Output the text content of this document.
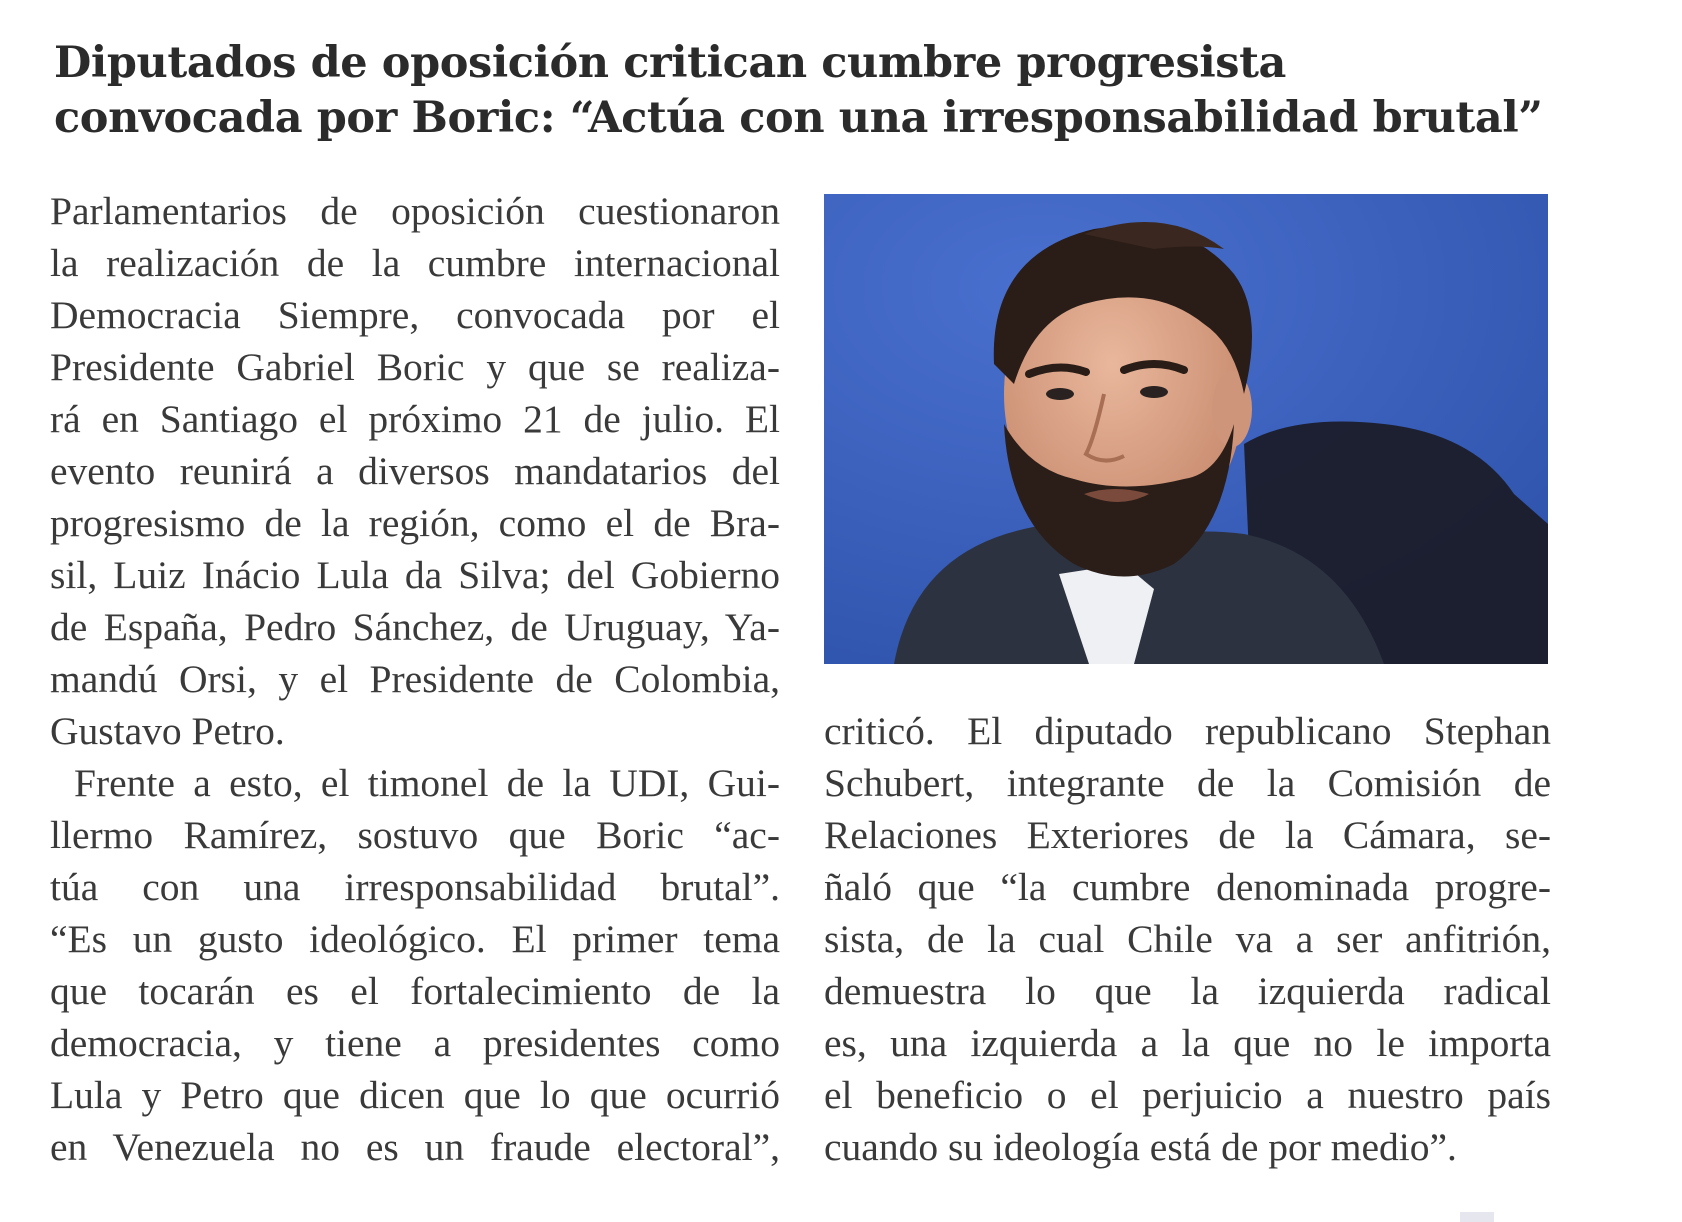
Diputados de oposición critican cumbre progresista
convocada por Boric: “Actúa con una irresponsabilidad brutal”
Parlamentarios de oposición cuestionaron
la realización de la cumbre internacional
Democracia Siempre, convocada por el
Presidente Gabriel Boric y que se realiza-
rá en Santiago el próximo 21 de julio. El
evento reunirá a diversos mandatarios del
progresismo de la región, como el de Bra-
sil, Luiz Inácio Lula da Silva; del Gobierno
de España, Pedro Sánchez, de Uruguay, Ya-
mandú Orsi, y el Presidente de Colombia,
Gustavo Petro.
Frente a esto, el timonel de la UDI, Gui-
llermo Ramírez, sostuvo que Boric “ac-
túa con una irresponsabilidad brutal”.
“Es un gusto ideológico. El primer tema
que tocarán es el fortalecimiento de la
democracia, y tiene a presidentes como
Lula y Petro que dicen que lo que ocurrió
en Venezuela no es un fraude electoral”,
criticó. El diputado republicano Stephan
Schubert, integrante de la Comisión de
Relaciones Exteriores de la Cámara, se-
ñaló que “la cumbre denominada progre-
sista, de la cual Chile va a ser anfitrión,
demuestra lo que la izquierda radical
es, una izquierda a la que no le importa
el beneficio o el perjuicio a nuestro país
cuando su ideología está de por medio”.
